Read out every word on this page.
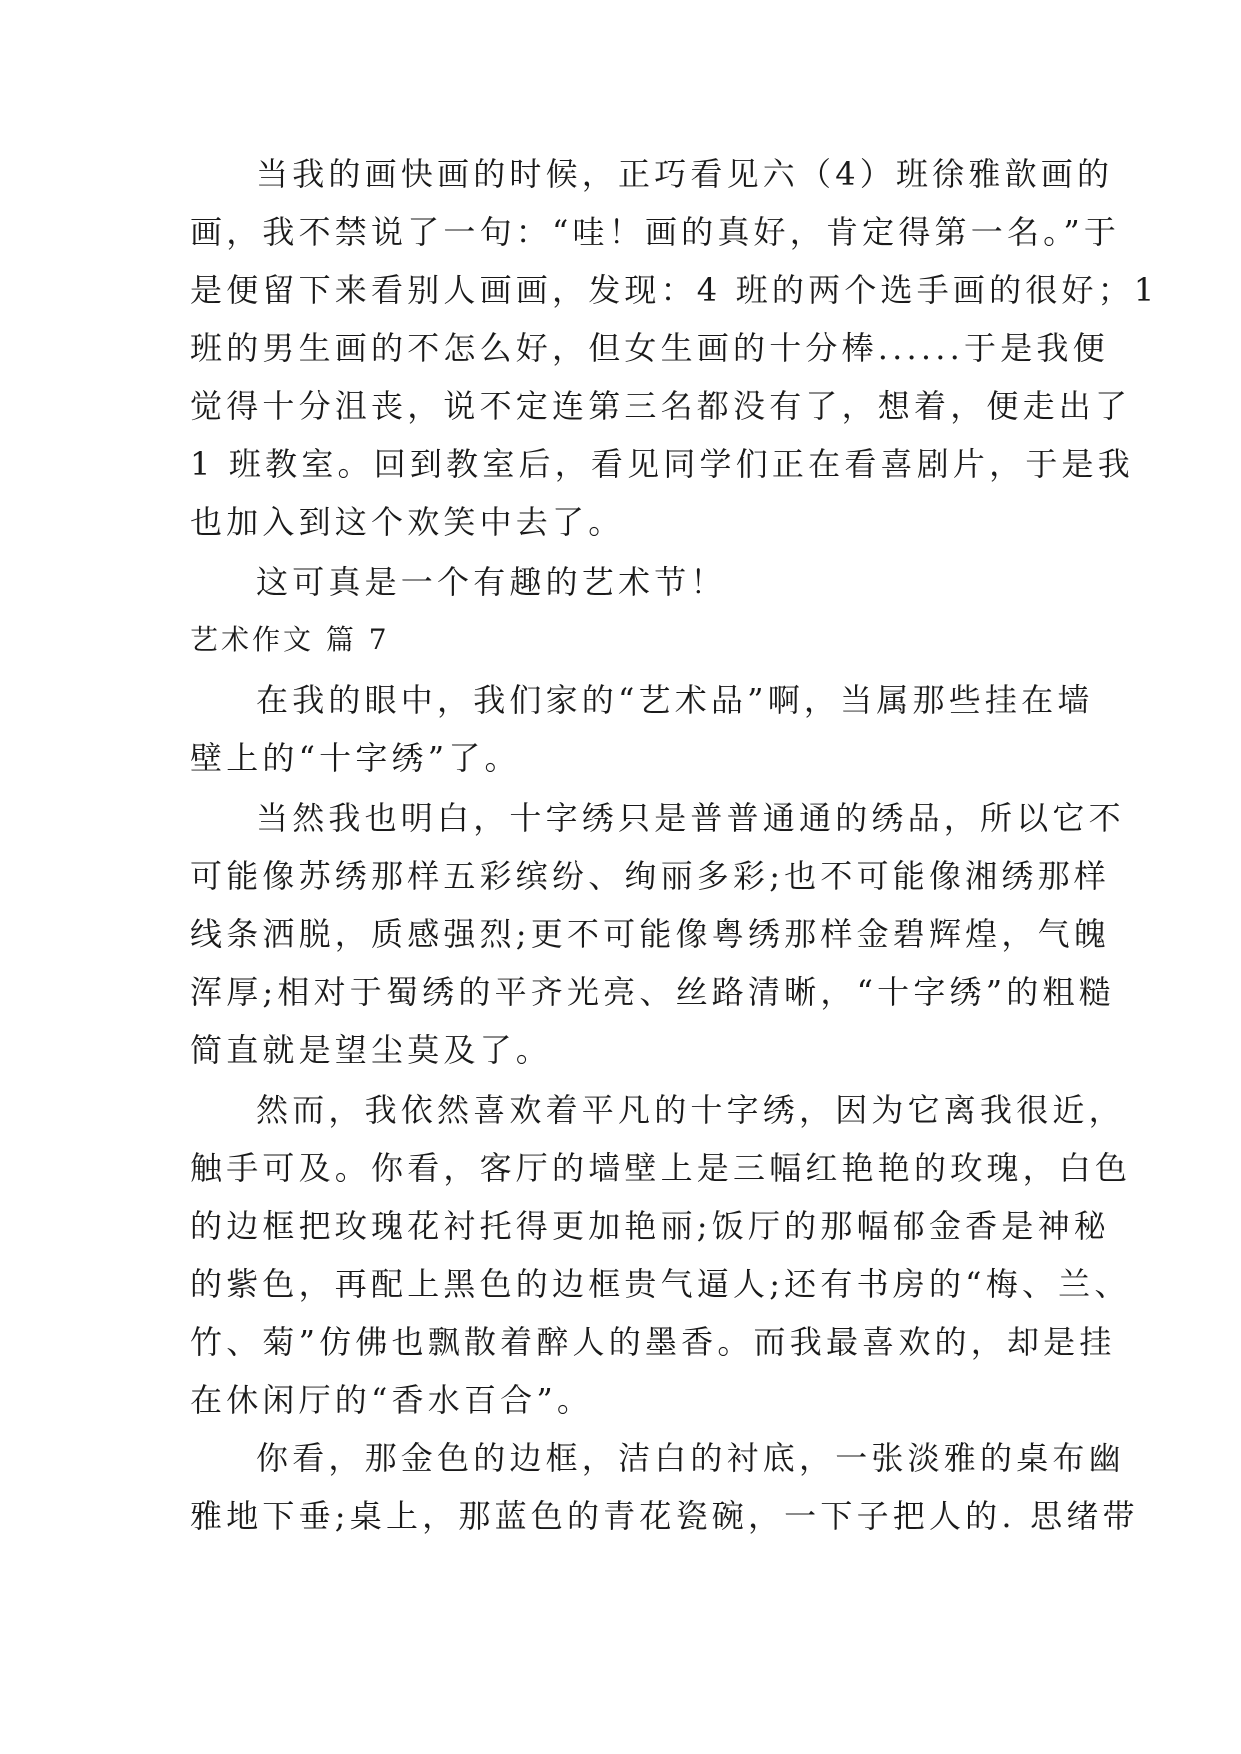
当我的画快画的时候，正巧看见六（4）班徐雅歆画的
画，我不禁说了一句：“哇！画的真好，肯定得第一名。”于
是便留下来看别人画画，发现：4 班的两个选手画的很好；1
班的男生画的不怎么好，但女生画的十分棒......于是我便
觉得十分沮丧，说不定连第三名都没有了，想着，便走出了
1 班教室。回到教室后，看见同学们正在看喜剧片，于是我
也加入到这个欢笑中去了。
这可真是一个有趣的艺术节！
艺术作文 篇 7
在我的眼中，我们家的“艺术品”啊，当属那些挂在墙
壁上的“十字绣”了。
当然我也明白，十字绣只是普普通通的绣品，所以它不
可能像苏绣那样五彩缤纷、绚丽多彩;也不可能像湘绣那样
线条洒脱，质感强烈;更不可能像粤绣那样金碧辉煌，气魄
浑厚;相对于蜀绣的平齐光亮、丝路清晰，“十字绣”的粗糙
简直就是望尘莫及了。
然而，我依然喜欢着平凡的十字绣，因为它离我很近，
触手可及。你看，客厅的墙壁上是三幅红艳艳的玫瑰，白色
的边框把玫瑰花衬托得更加艳丽;饭厅的那幅郁金香是神秘
的紫色，再配上黑色的边框贵气逼人;还有书房的“梅、兰、
竹、菊”仿佛也飘散着醉人的墨香。而我最喜欢的，却是挂
在休闲厅的“香水百合”。
你看，那金色的边框，洁白的衬底，一张淡雅的桌布幽
雅地下垂;桌上，那蓝色的青花瓷碗，一下子把人的. 思绪带
